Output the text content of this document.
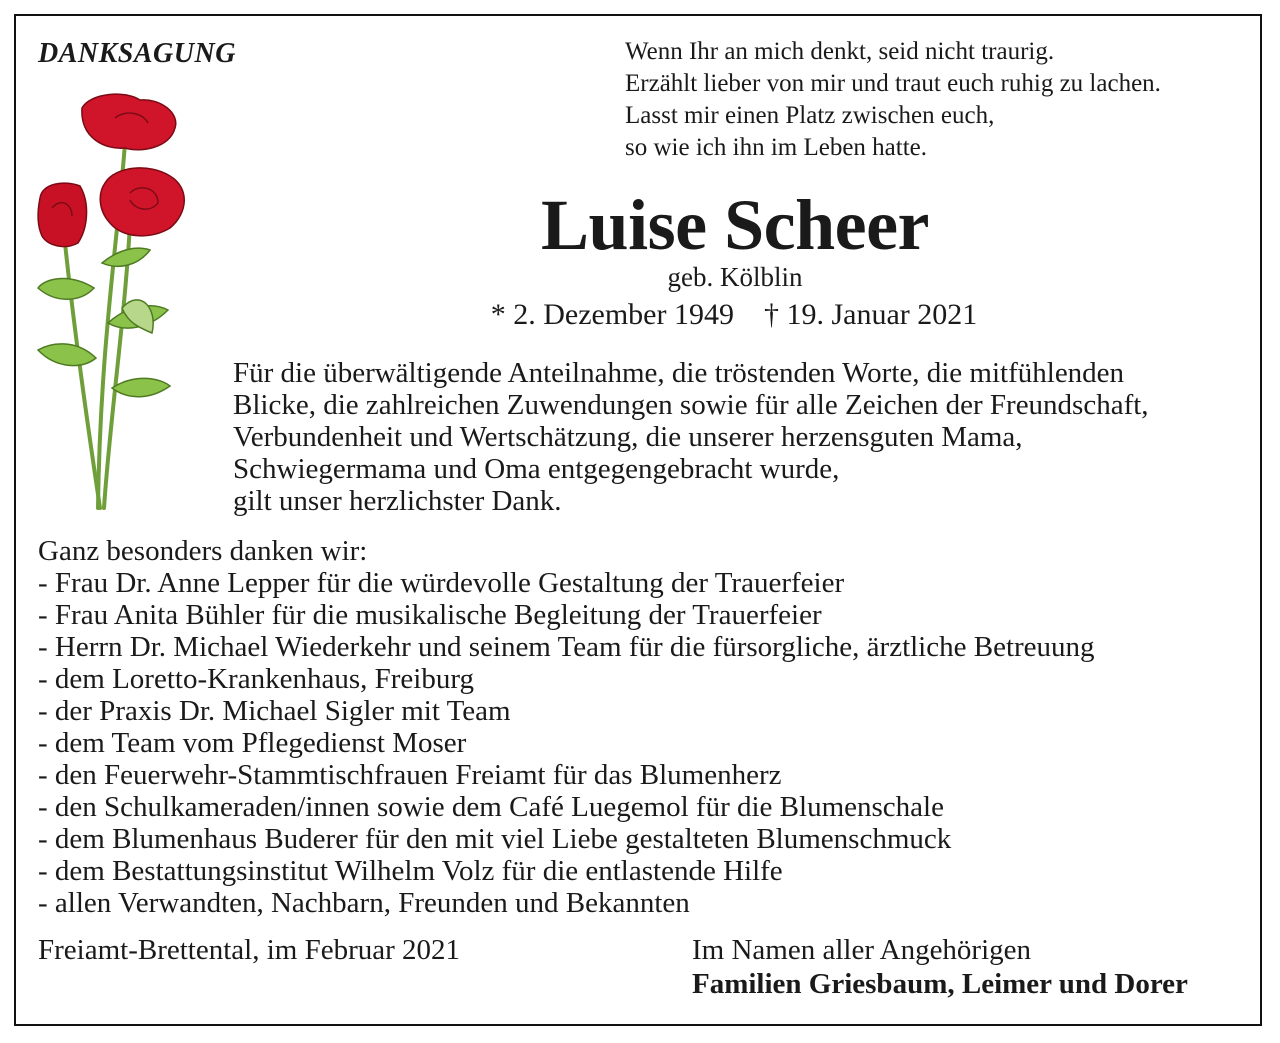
DANKSAGUNG	Wenn Ihr an mich denkt, seid nicht traurig.
Erzählt lieber von mir und traut euch ruhig zu lachen.
Lasst mir einen Platz zwischen euch,
so wie ich ihn im Leben hatte.
Luise Scheer
geb. Kölblin
* 2. Dezember 1949    † 19. Januar 2021
Für die überwältigende Anteilnahme, die tröstenden Worte, die mitfühlenden
Blicke, die zahlreichen Zuwendungen sowie für alle Zeichen der Freundschaft,
Verbundenheit und Wertschätzung, die unserer herzensguten Mama,
Schwiegermama und Oma entgegengebracht wurde,
gilt unser herzlichster Dank.
Ganz besonders danken wir:
- Frau Dr. Anne Lepper für die würdevolle Gestaltung der Trauerfeier
- Frau Anita Bühler für die musikalische Begleitung der Trauerfeier
- Herrn Dr. Michael Wiederkehr und seinem Team für die fürsorgliche, ärztliche Betreuung
- dem Loretto-Krankenhaus, Freiburg
- der Praxis Dr. Michael Sigler mit Team
- dem Team vom Pflegedienst Moser
- den Feuerwehr-Stammtischfrauen Freiamt für das Blumenherz
- den Schulkameraden/innen sowie dem Café Luegemol für die Blumenschale
- dem Blumenhaus Buderer für den mit viel Liebe gestalteten Blumenschmuck
- dem Bestattungsinstitut Wilhelm Volz für die entlastende Hilfe
- allen Verwandten, Nachbarn, Freunden und Bekannten
Freiamt-Brettental, im Februar 2021	Im Namen aller Angehörigen
Familien Griesbaum, Leimer und Dorer
